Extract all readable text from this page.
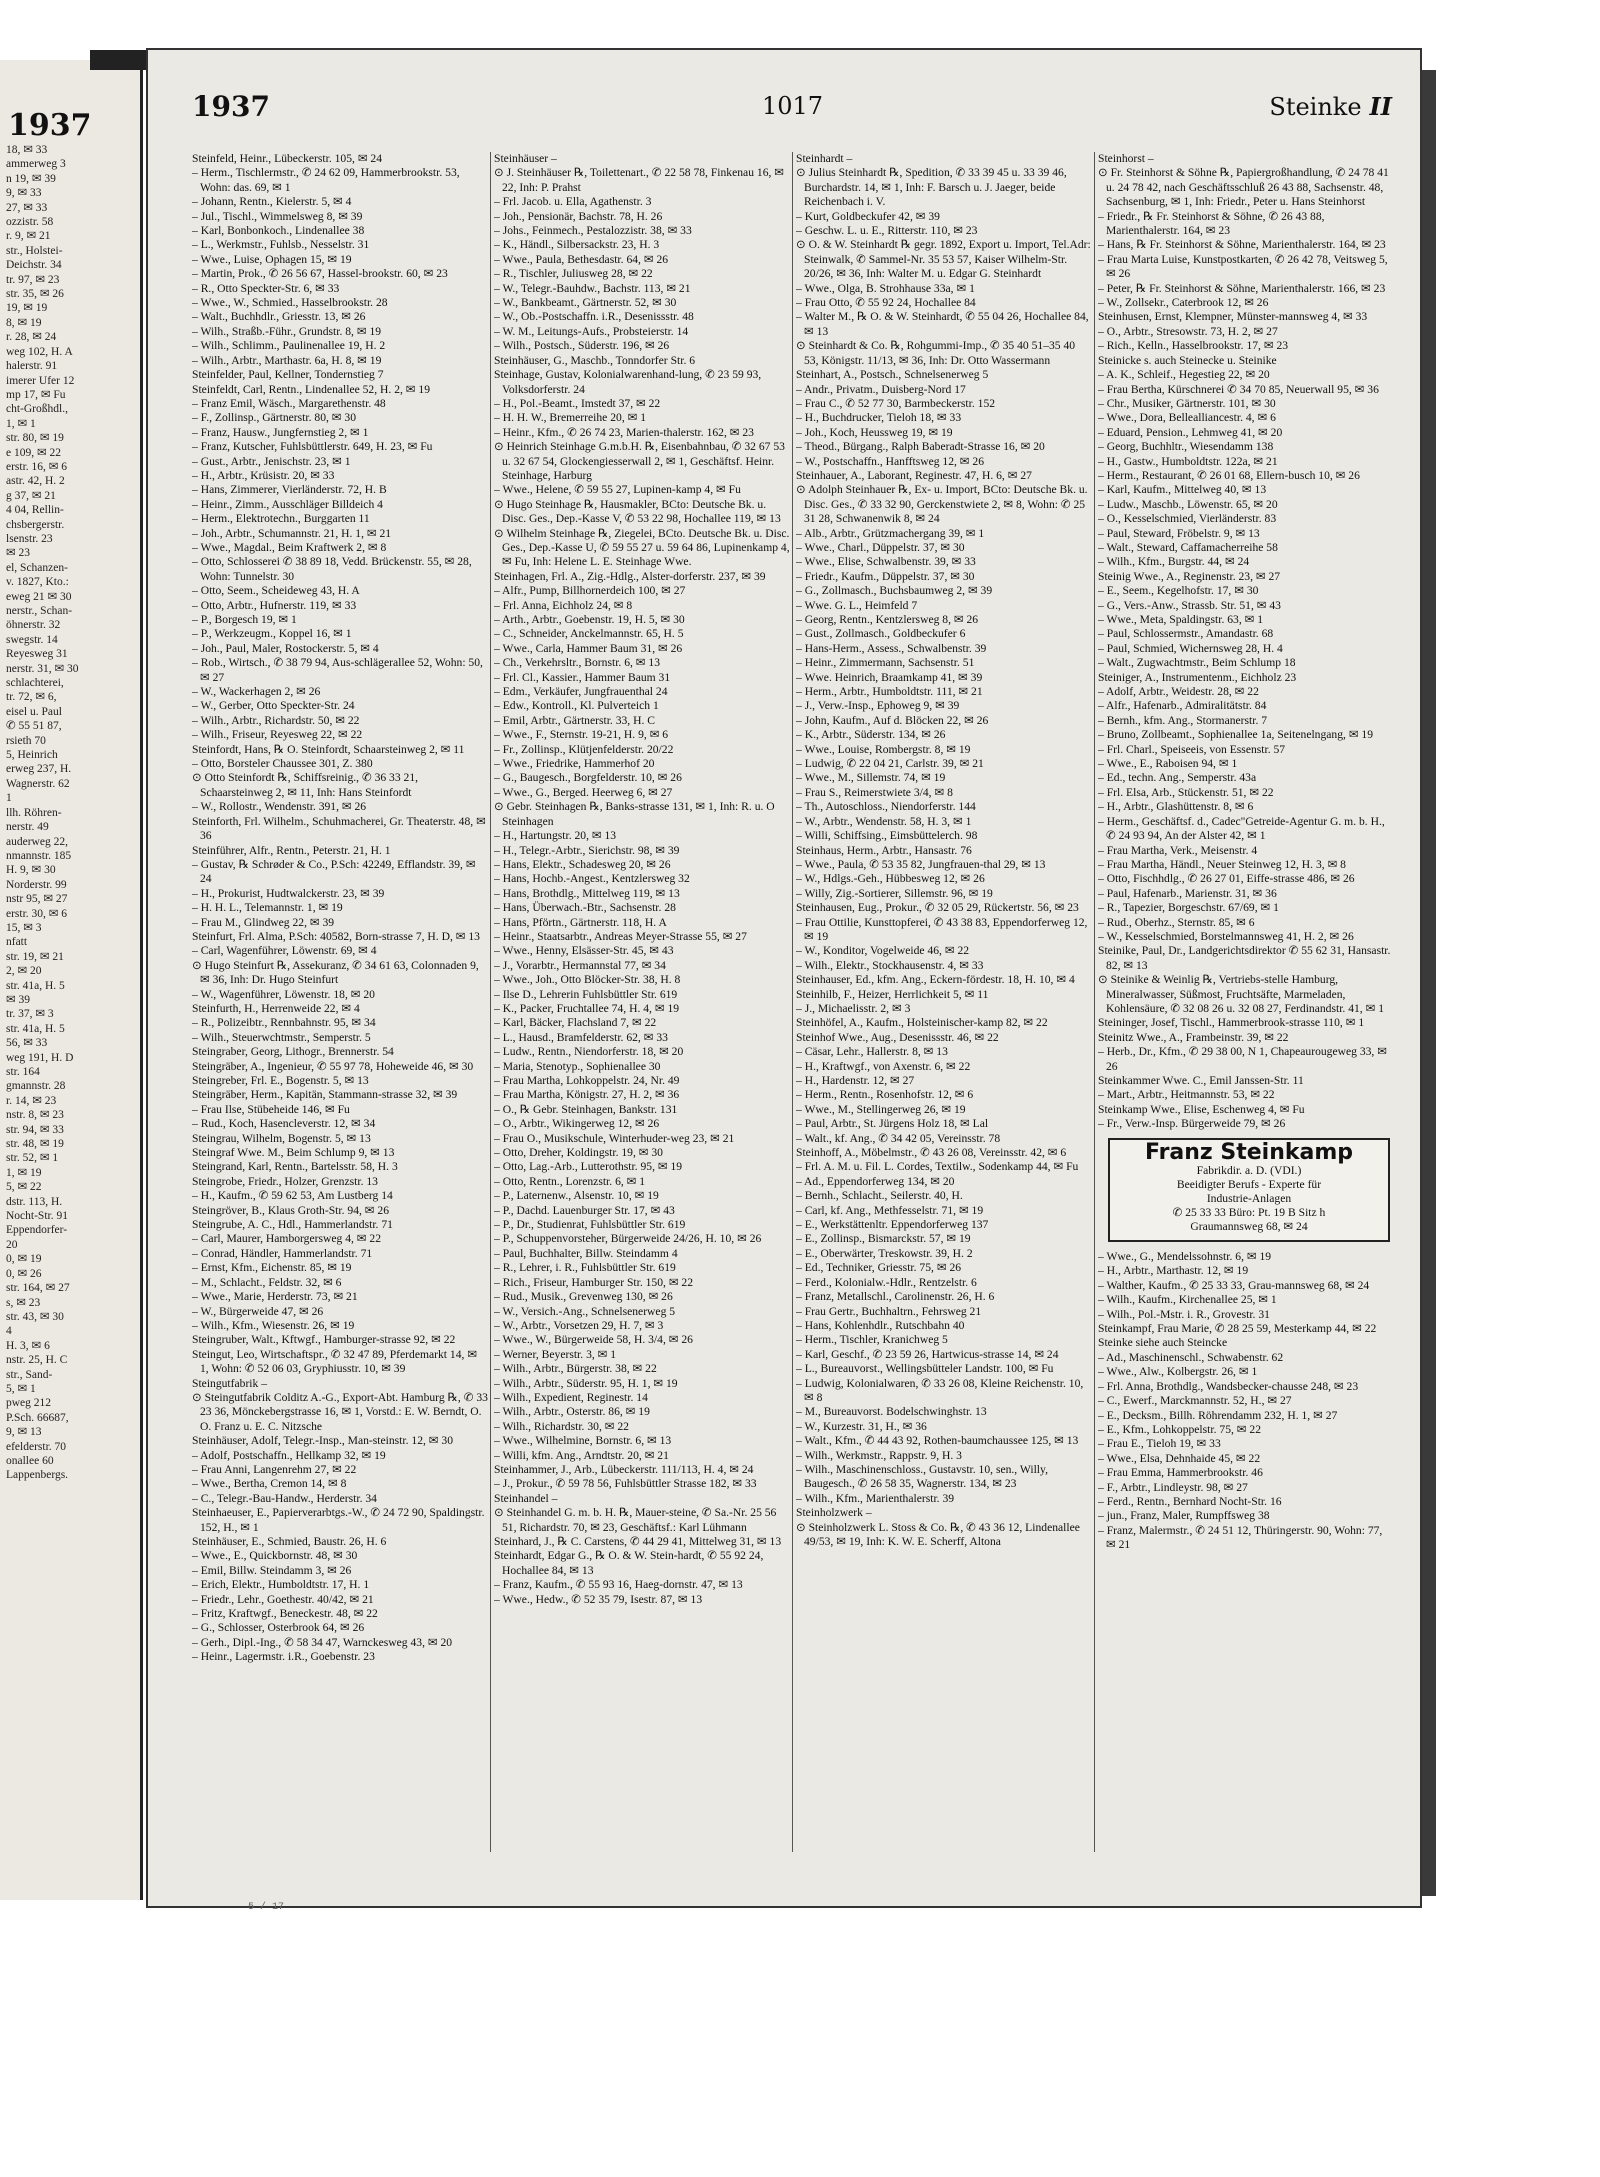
1937
18, ✉ 33
ammerweg 3
n 19, ✉ 39
9, ✉ 33
27, ✉ 33
ozzistr. 58
r. 9, ✉ 21
str., Holstei-
Deichstr. 34
tr. 97, ✉ 23
str. 35, ✉ 26
19, ✉ 19
8, ✉ 19
r. 28, ✉ 24
weg 102, H. A
halerstr. 91
imerer Ufer 12
mp 17, ✉ Fu
cht-Großhdl.,
1, ✉ 1
str. 80, ✉ 19
e 109, ✉ 22
erstr. 16, ✉ 6
astr. 42, H. 2
g 37, ✉ 21
4 04, Rellin-
chsbergerstr.
lsenstr. 23
✉ 23
el, Schanzen-
v. 1827, Kto.:
eweg 21 ✉ 30
nerstr., Schan-
öhnerstr. 32
swegstr. 14
Reyesweg 31
nerstr. 31, ✉ 30
schlachterei,
tr. 72, ✉ 6,
eisel u. Paul
✆ 55 51 87,
rsieth 70
5, Heinrich
erweg 237, H.
Wagnerstr. 62
1
llh. Röhren-
nerstr. 49
auderweg 22,
nmannstr. 185
H. 9, ✉ 30
Norderstr. 99
nstr 95, ✉ 27
erstr. 30, ✉ 6
15, ✉ 3
nfatt
str. 19, ✉ 21
2, ✉ 20
str. 41a, H. 5
✉ 39
tr. 37, ✉ 3
str. 41a, H. 5
56, ✉ 33
weg 191, H. D
str. 164
gmannstr. 28
r. 14, ✉ 23
nstr. 8, ✉ 23
str. 94, ✉ 33
str. 48, ✉ 19
str. 52, ✉ 1
1, ✉ 19
5, ✉ 22
dstr. 113, H.
Nocht-Str. 91
Eppendorfer-
20
0, ✉ 19
0, ✉ 26
str. 164, ✉ 27
s, ✉ 23
str. 43, ✉ 30
4
H. 3, ✉ 6
nstr. 25, H. C
str., Sand-
5, ✉ 1
pweg 212
P.Sch. 66687,
9, ✉ 13
efelderstr. 70
onallee 60
Lappenbergs.
1937	1017	Steinke II
Steinfeld, Heinr., Lübeckerstr. 105, ✉ 24
– Herm., Tischlermstr., ✆ 24 62 09, Hammerbrookstr. 53, Wohn: das. 69, ✉ 1
– Johann, Rentn., Kielerstr. 5, ✉ 4
– Jul., Tischl., Wimmelsweg 8, ✉ 39
– Karl, Bonbonkoch., Lindenallee 38
– L., Werkmstr., Fuhlsb., Nesselstr. 31
– Wwe., Luise, Ophagen 15, ✉ 19
– Martin, Prok., ✆ 26 56 67, Hassel-brookstr. 60, ✉ 23
– R., Otto Speckter-Str. 6, ✉ 33
– Wwe., W., Schmied., Hasselbrookstr. 28
– Walt., Buchhdlr., Griesstr. 13, ✉ 26
– Wilh., Straßb.-Führ., Grundstr. 8, ✉ 19
– Wilh., Schlimm., Paulinenallee 19, H. 2
– Wilh., Arbtr., Marthastr. 6a, H. 8, ✉ 19
Steinfelder, Paul, Kellner, Tondernstieg 7
Steinfeldt, Carl, Rentn., Lindenallee 52, H. 2, ✉ 19
– Franz Emil, Wäsch., Margarethenstr. 48
– F., Zollinsp., Gärtnerstr. 80, ✉ 30
– Franz, Hausw., Jungfernstieg 2, ✉ 1
– Franz, Kutscher, Fuhlsbüttlerstr. 649, H. 23, ✉ Fu
– Gust., Arbtr., Jenischstr. 23, ✉ 1
– H., Arbtr., Krüsistr. 20, ✉ 33
– Hans, Zimmerer, Vierländerstr. 72, H. B
– Heinr., Zimm., Ausschläger Billdeich 4
– Herm., Elektrotechn., Burggarten 11
– Joh., Arbtr., Schumannstr. 21, H. 1, ✉ 21
– Wwe., Magdal., Beim Kraftwerk 2, ✉ 8
– Otto, Schlosserei ✆ 38 89 18, Vedd. Brückenstr. 55, ✉ 28, Wohn: Tunnelstr. 30
– Otto, Seem., Scheideweg 43, H. A
– Otto, Arbtr., Hufnerstr. 119, ✉ 33
– P., Borgesch 19, ✉ 1
– P., Werkzeugm., Koppel 16, ✉ 1
– Joh., Paul, Maler, Rostockerstr. 5, ✉ 4
– Rob., Wirtsch., ✆ 38 79 94, Aus-schlägerallee 52, Wohn: 50, ✉ 27
– W., Wackerhagen 2, ✉ 26
– W., Gerber, Otto Speckter-Str. 24
– Wilh., Arbtr., Richardstr. 50, ✉ 22
– Wilh., Friseur, Reyesweg 22, ✉ 22
Steinfordt, Hans, ℞ O. Steinfordt, Schaarsteinweg 2, ✉ 11
– Otto, Borsteler Chaussee 301, Z. 380
⊙ Otto Steinfordt ℞, Schiffsreinig., ✆ 36 33 21, Schaarsteinweg 2, ✉ 11, Inh: Hans Steinfordt
– W., Rollostr., Wendenstr. 391, ✉ 26
Steinforth, Frl. Wilhelm., Schuhmacherei, Gr. Theaterstr. 48, ✉ 36
Steinführer, Alfr., Rentn., Peterstr. 21, H. 1
– Gustav, ℞ Schrøder & Co., P.Sch: 42249, Efflandstr. 39, ✉ 24
– H., Prokurist, Hudtwalckerstr. 23, ✉ 39
– H. H. L., Telemannstr. 1, ✉ 19
– Frau M., Glindweg 22, ✉ 39
Steinfurt, Frl. Alma, P.Sch: 40582, Born-strasse 7, H. D, ✉ 13
– Carl, Wagenführer, Löwenstr. 69, ✉ 4
⊙ Hugo Steinfurt ℞, Assekuranz, ✆ 34 61 63, Colonnaden 9, ✉ 36, Inh: Dr. Hugo Steinfurt
– W., Wagenführer, Löwenstr. 18, ✉ 20
Steinfurth, H., Herrenweide 22, ✉ 4
– R., Polizeibtr., Rennbahnstr. 95, ✉ 34
– Wilh., Steuerwchtmstr., Semperstr. 5
Steingraber, Georg, Lithogr., Brennerstr. 54
Steingräber, A., Ingenieur, ✆ 55 97 78, Hoheweide 46, ✉ 30
Steingreber, Frl. E., Bogenstr. 5, ✉ 13
Steingräber, Herm., Kapitän, Stammann-strasse 32, ✉ 39
– Frau Ilse, Stübeheide 146, ✉ Fu
– Rud., Koch, Hasencleverstr. 12, ✉ 34
Steingrau, Wilhelm, Bogenstr. 5, ✉ 13
Steingraf Wwe. M., Beim Schlump 9, ✉ 13
Steingrand, Karl, Rentn., Bartelsstr. 58, H. 3
Steingrobe, Friedr., Holzer, Grenzstr. 13
– H., Kaufm., ✆ 59 62 53, Am Lustberg 14
Steingröver, B., Klaus Groth-Str. 94, ✉ 26
Steingrube, A. C., Hdl., Hammerlandstr. 71
– Carl, Maurer, Hamborgersweg 4, ✉ 22
– Conrad, Händler, Hammerlandstr. 71
– Ernst, Kfm., Eichenstr. 85, ✉ 19
– M., Schlacht., Feldstr. 32, ✉ 6
– Wwe., Marie, Herderstr. 73, ✉ 21
– W., Bürgerweide 47, ✉ 26
– Wilh., Kfm., Wiesenstr. 26, ✉ 19
Steingruber, Walt., Kftwgf., Hamburger-strasse 92, ✉ 22
Steingut, Leo, Wirtschaftspr., ✆ 32 47 89, Pferdemarkt 14, ✉ 1, Wohn: ✆ 52 06 03, Gryphiusstr. 10, ✉ 39
Steingutfabrik –
⊙ Steingutfabrik Colditz A.-G., Export-Abt. Hamburg ℞, ✆ 33 23 36, Mönckebergstrasse 16, ✉ 1, Vorstd.: E. W. Berndt, O. O. Franz u. E. C. Nitzsche
Steinhäuser, Adolf, Telegr.-Insp., Man-steinstr. 12, ✉ 30
– Adolf, Postschaffn., Hellkamp 32, ✉ 19
– Frau Anni, Langenrehm 27, ✉ 22
– Wwe., Bertha, Cremon 14, ✉ 8
– C., Telegr.-Bau-Handw., Herderstr. 34
Steinhaeuser, E., Papierverarbtgs.-W., ✆ 24 72 90, Spaldingstr. 152, H., ✉ 1
Steinhäuser, E., Schmied, Baustr. 26, H. 6
– Wwe., E., Quickbornstr. 48, ✉ 30
– Emil, Billw. Steindamm 3, ✉ 26
– Erich, Elektr., Humboldtstr. 17, H. 1
– Friedr., Lehr., Goethestr. 40/42, ✉ 21
– Fritz, Kraftwgf., Beneckestr. 48, ✉ 22
– G., Schlosser, Osterbrook 64, ✉ 26
– Gerh., Dipl.-Ing., ✆ 58 34 47, Warnckesweg 43, ✉ 20
– Heinr., Lagermstr. i.R., Goebenstr. 23
Steinhäuser –
⊙ J. Steinhäuser ℞, Toilettenart., ✆ 22 58 78, Finkenau 16, ✉ 22, Inh: P. Prahst
– Frl. Jacob. u. Ella, Agathenstr. 3
– Joh., Pensionär, Bachstr. 78, H. 26
– Johs., Feinmech., Pestalozzistr. 38, ✉ 33
– K., Händl., Silbersackstr. 23, H. 3
– Wwe., Paula, Bethesdastr. 64, ✉ 26
– R., Tischler, Juliusweg 28, ✉ 22
– W., Telegr.-Bauhdw., Bachstr. 113, ✉ 21
– W., Bankbeamt., Gärtnerstr. 52, ✉ 30
– W., Ob.-Postschaffn. i.R., Desenissstr. 48
– W. M., Leitungs-Aufs., Probsteierstr. 14
– Wilh., Postsch., Süderstr. 196, ✉ 26
Steinhäuser, G., Maschb., Tonndorfer Str. 6
Steinhage, Gustav, Kolonialwarenhand-lung, ✆ 23 59 93, Volksdorferstr. 24
– H., Pol.-Beamt., Imstedt 37, ✉ 22
– H. H. W., Bremerreihe 20, ✉ 1
– Heinr., Kfm., ✆ 26 74 23, Marien-thalerstr. 162, ✉ 23
⊙ Heinrich Steinhage G.m.b.H. ℞, Eisenbahnbau, ✆ 32 67 53 u. 32 67 54, Glockengiesserwall 2, ✉ 1, Geschäftsf. Heinr. Steinhage, Harburg
– Wwe., Helene, ✆ 59 55 27, Lupinen-kamp 4, ✉ Fu
⊙ Hugo Steinhage ℞, Hausmakler, BCto: Deutsche Bk. u. Disc. Ges., Dep.-Kasse V, ✆ 53 22 98, Hochallee 119, ✉ 13
⊙ Wilhelm Steinhage ℞, Ziegelei, BCto. Deutsche Bk. u. Disc. Ges., Dep.-Kasse U, ✆ 59 55 27 u. 59 64 86, Lupinenkamp 4, ✉ Fu, Inh: Helene L. E. Steinhage Wwe.
Steinhagen, Frl. A., Zig.-Hdlg., Alster-dorferstr. 237, ✉ 39
– Alfr., Pump, Billhornerdeich 100, ✉ 27
– Frl. Anna, Eichholz 24, ✉ 8
– Arth., Arbtr., Goebenstr. 19, H. 5, ✉ 30
– C., Schneider, Anckelmannstr. 65, H. 5
– Wwe., Carla, Hammer Baum 31, ✉ 26
– Ch., Verkehrsltr., Bornstr. 6, ✉ 13
– Frl. Cl., Kassier., Hammer Baum 31
– Edm., Verkäufer, Jungfrauenthal 24
– Edw., Kontroll., Kl. Pulverteich 1
– Emil, Arbtr., Gärtnerstr. 33, H. C
– Wwe., F., Sternstr. 19-21, H. 9, ✉ 6
– Fr., Zollinsp., Klütjenfelderstr. 20/22
– Wwe., Friedrike, Hammerhof 20
– G., Baugesch., Borgfelderstr. 10, ✉ 26
– Wwe., G., Berged. Heerweg 6, ✉ 27
⊙ Gebr. Steinhagen ℞, Banks-strasse 131, ✉ 1, Inh: R. u. O Steinhagen
– H., Hartungstr. 20, ✉ 13
– H., Telegr.-Arbtr., Sierichstr. 98, ✉ 39
– Hans, Elektr., Schadesweg 20, ✉ 26
– Hans, Hochb.-Angest., Kentzlersweg 32
– Hans, Brothdlg., Mittelweg 119, ✉ 13
– Hans, Überwach.-Btr., Sachsenstr. 28
– Hans, Pförtn., Gärtnerstr. 118, H. A
– Heinr., Staatsarbtr., Andreas Meyer-Strasse 55, ✉ 27
– Wwe., Henny, Elsässer-Str. 45, ✉ 43
– J., Vorarbtr., Hermannstal 77, ✉ 34
– Wwe., Joh., Otto Blöcker-Str. 38, H. 8
– Ilse D., Lehrerin Fuhlsbüttler Str. 619
– K., Packer, Fruchtallee 74, H. 4, ✉ 19
– Karl, Bäcker, Flachsland 7, ✉ 22
– L., Hausd., Bramfelderstr. 62, ✉ 33
– Ludw., Rentn., Niendorferstr. 18, ✉ 20
– Maria, Stenotyp., Sophienallee 30
– Frau Martha, Lohkoppelstr. 24, Nr. 49
– Frau Martha, Königstr. 27, H. 2, ✉ 36
– O., ℞ Gebr. Steinhagen, Bankstr. 131
– O., Arbtr., Wikingerweg 12, ✉ 26
– Frau O., Musikschule, Winterhuder-weg 23, ✉ 21
– Otto, Dreher, Koldingstr. 19, ✉ 30
– Otto, Lag.-Arb., Lutterothstr. 95, ✉ 19
– Otto, Rentn., Lorenzstr. 6, ✉ 1
– P., Laternenw., Alsenstr. 10, ✉ 19
– P., Dachd. Lauenburger Str. 17, ✉ 43
– P., Dr., Studienrat, Fuhlsbüttler Str. 619
– P., Schuppenvorsteher, Bürgerweide 24/26, H. 10, ✉ 26
– Paul, Buchhalter, Billw. Steindamm 4
– R., Lehrer, i. R., Fuhlsbüttler Str. 619
– Rich., Friseur, Hamburger Str. 150, ✉ 22
– Rud., Musik., Grevenweg 130, ✉ 26
– W., Versich.-Ang., Schnelsenerweg 5
– W., Arbtr., Vorsetzen 29, H. 7, ✉ 3
– Wwe., W., Bürgerweide 58, H. 3/4, ✉ 26
– Werner, Beyerstr. 3, ✉ 1
– Wilh., Arbtr., Bürgerstr. 38, ✉ 22
– Wilh., Arbtr., Süderstr. 95, H. 1, ✉ 19
– Wilh., Expedient, Reginestr. 14
– Wilh., Arbtr., Osterstr. 86, ✉ 19
– Wilh., Richardstr. 30, ✉ 22
– Wwe., Wilhelmine, Bornstr. 6, ✉ 13
– Willi, kfm. Ang., Arndtstr. 20, ✉ 21
Steinhammer, J., Arb., Lübeckerstr. 111/113, H. 4, ✉ 24
– J., Prokur., ✆ 59 78 56, Fuhlsbüttler Strasse 182, ✉ 33
Steinhandel –
⊙ Steinhandel G. m. b. H. ℞, Mauer-steine, ✆ Sa.-Nr. 25 56 51, Richardstr. 70, ✉ 23, Geschäftsf.: Karl Lühmann
Steinhard, J., ℞ C. Carstens, ✆ 44 29 41, Mittelweg 31, ✉ 13
Steinhardt, Edgar G., ℞ O. & W. Stein-hardt, ✆ 55 92 24, Hochallee 84, ✉ 13
– Franz, Kaufm., ✆ 55 93 16, Haeg-dornstr. 47, ✉ 13
– Wwe., Hedw., ✆ 52 35 79, Isestr. 87, ✉ 13
Steinhardt –
⊙ Julius Steinhardt ℞, Spedition, ✆ 33 39 45 u. 33 39 46, Burchardstr. 14, ✉ 1, Inh: F. Barsch u. J. Jaeger, beide Reichenbach i. V.
– Kurt, Goldbeckufer 42, ✉ 39
– Geschw. L. u. E., Ritterstr. 110, ✉ 23
⊙ O. & W. Steinhardt ℞ gegr. 1892, Export u. Import, Tel.Adr: Steinwalk, ✆ Sammel-Nr. 35 53 57, Kaiser Wilhelm-Str. 20/26, ✉ 36, Inh: Walter M. u. Edgar G. Steinhardt
– Wwe., Olga, B. Strohhause 33a, ✉ 1
– Frau Otto, ✆ 55 92 24, Hochallee 84
– Walter M., ℞ O. & W. Steinhardt, ✆ 55 04 26, Hochallee 84, ✉ 13
⊙ Steinhardt & Co. ℞, Rohgummi-Imp., ✆ 35 40 51–35 40 53, Königstr. 11/13, ✉ 36, Inh: Dr. Otto Wassermann
Steinhart, A., Postsch., Schnelsenerweg 5
– Andr., Privatm., Duisberg-Nord 17
– Frau C., ✆ 52 77 30, Barmbeckerstr. 152
– H., Buchdrucker, Tieloh 18, ✉ 33
– Joh., Koch, Heussweg 19, ✉ 19
– Theod., Bürgang., Ralph Baberadt-Strasse 16, ✉ 20
– W., Postschaffn., Hanfftsweg 12, ✉ 26
Steinhauer, A., Laborant, Reginestr. 47, H. 6, ✉ 27
⊙ Adolph Steinhauer ℞, Ex- u. Import, BCto: Deutsche Bk. u. Disc. Ges., ✆ 33 32 90, Gerckenstwiete 2, ✉ 8, Wohn: ✆ 25 31 28, Schwanenwik 8, ✉ 24
– Alb., Arbtr., Grützmachergang 39, ✉ 1
– Wwe., Charl., Düppelstr. 37, ✉ 30
– Wwe., Elise, Schwalbenstr. 39, ✉ 33
– Friedr., Kaufm., Düppelstr. 37, ✉ 30
– G., Zollmasch., Buchsbaumweg 2, ✉ 39
– Wwe. G. L., Heimfeld 7
– Georg, Rentn., Kentzlersweg 8, ✉ 26
– Gust., Zollmasch., Goldbeckufer 6
– Hans-Herm., Assess., Schwalbenstr. 39
– Heinr., Zimmermann, Sachsenstr. 51
– Wwe. Heinrich, Braamkamp 41, ✉ 39
– Herm., Arbtr., Humboldtstr. 111, ✉ 21
– J., Verw.-Insp., Ephoweg 9, ✉ 39
– John, Kaufm., Auf d. Blöcken 22, ✉ 26
– K., Arbtr., Süderstr. 134, ✉ 26
– Wwe., Louise, Rombergstr. 8, ✉ 19
– Ludwig, ✆ 22 04 21, Carlstr. 39, ✉ 21
– Wwe., M., Sillemstr. 74, ✉ 19
– Frau S., Reimerstwiete 3/4, ✉ 8
– Th., Autoschloss., Niendorferstr. 144
– W., Arbtr., Wendenstr. 58, H. 3, ✉ 1
– Willi, Schiffsing., Eimsbüttelerch. 98
Steinhaus, Herm., Arbtr., Hansastr. 76
– Wwe., Paula, ✆ 53 35 82, Jungfrauen-thal 29, ✉ 13
– W., Hdlgs.-Geh., Hübbesweg 12, ✉ 26
– Willy, Zig.-Sortierer, Sillemstr. 96, ✉ 19
Steinhausen, Eug., Prokur., ✆ 32 05 29, Rückertstr. 56, ✉ 23
– Frau Ottilie, Kunsttopferei, ✆ 43 38 83, Eppendorferweg 12, ✉ 19
– W., Konditor, Vogelweide 46, ✉ 22
– Wilh., Elektr., Stockhausenstr. 4, ✉ 33
Steinhauser, Ed., kfm. Ang., Eckern-fördestr. 18, H. 10, ✉ 4
Steinhilb, F., Heizer, Herrlichkeit 5, ✉ 11
– J., Michaelisstr. 2, ✉ 3
Steinhöfel, A., Kaufm., Holsteinischer-kamp 82, ✉ 22
Steinhof Wwe., Aug., Desenissstr. 46, ✉ 22
– Cäsar, Lehr., Hallerstr. 8, ✉ 13
– H., Kraftwgf., von Axenstr. 6, ✉ 22
– H., Hardenstr. 12, ✉ 27
– Herm., Rentn., Rosenhofstr. 12, ✉ 6
– Wwe., M., Stellingerweg 26, ✉ 19
– Paul, Arbtr., St. Jürgens Holz 18, ✉ Lal
– Walt., kf. Ang., ✆ 34 42 05, Vereinsstr. 78
Steinhoff, A., Möbelmstr., ✆ 43 26 08, Vereinsstr. 42, ✉ 6
– Frl. A. M. u. Fil. L. Cordes, Textilw., Sodenkamp 44, ✉ Fu
– Ad., Eppendorferweg 134, ✉ 20
– Bernh., Schlacht., Seilerstr. 40, H.
– Carl, kf. Ang., Methfesselstr. 71, ✉ 19
– E., Werkstättenltr. Eppendorferweg 137
– E., Zollinsp., Bismarckstr. 57, ✉ 19
– E., Oberwärter, Treskowstr. 39, H. 2
– Ed., Techniker, Griesstr. 75, ✉ 26
– Ferd., Kolonialw.-Hdlr., Rentzelstr. 6
– Franz, Metallschl., Carolinenstr. 26, H. 6
– Frau Gertr., Buchhaltrn., Fehrsweg 21
– Hans, Kohlenhdlr., Rutschbahn 40
– Herm., Tischler, Kranichweg 5
– Karl, Geschf., ✆ 23 59 26, Hartwicus-strasse 14, ✉ 24
– L., Bureauvorst., Wellingsbütteler Landstr. 100, ✉ Fu
– Ludwig, Kolonialwaren, ✆ 33 26 08, Kleine Reichenstr. 10, ✉ 8
– M., Bureauvorst. Bodelschwinghstr. 13
– W., Kurzestr. 31, H., ✉ 36
– Walt., Kfm., ✆ 44 43 92, Rothen-baumchaussee 125, ✉ 13
– Wilh., Werkmstr., Rappstr. 9, H. 3
– Wilh., Maschinenschloss., Gustavstr. 10, sen., Willy, Baugesch., ✆ 26 58 35, Wagnerstr. 134, ✉ 23
– Wilh., Kfm., Marienthalerstr. 39
Steinholzwerk –
⊙ Steinholzwerk L. Stoss & Co. ℞, ✆ 43 36 12, Lindenallee 49/53, ✉ 19, Inh: K. W. E. Scherff, Altona
Steinhorst –
⊙ Fr. Steinhorst & Söhne ℞, Papiergroßhandlung, ✆ 24 78 41 u. 24 78 42, nach Geschäftsschluß 26 43 88, Sachsenstr. 48, Sachsenburg, ✉ 1, Inh: Friedr., Peter u. Hans Steinhorst
– Friedr., ℞ Fr. Steinhorst & Söhne, ✆ 26 43 88, Marienthalerstr. 164, ✉ 23
– Hans, ℞ Fr. Steinhorst & Söhne, Marienthalerstr. 164, ✉ 23
– Frau Marta Luise, Kunstpostkarten, ✆ 26 42 78, Veitsweg 5, ✉ 26
– Peter, ℞ Fr. Steinhorst & Söhne, Marienthalerstr. 166, ✉ 23
– W., Zollsekr., Caterbrook 12, ✉ 26
Steinhusen, Ernst, Klempner, Münster-mannsweg 4, ✉ 33
– O., Arbtr., Stresowstr. 73, H. 2, ✉ 27
– Rich., Kelln., Hasselbrookstr. 17, ✉ 23
Steinicke s. auch Steinecke u. Steinike
– A. K., Schleif., Hegestieg 22, ✉ 20
– Frau Bertha, Kürschnerei ✆ 34 70 85, Neuerwall 95, ✉ 36
– Chr., Musiker, Gärtnerstr. 101, ✉ 30
– Wwe., Dora, Bellealliancestr. 4, ✉ 6
– Eduard, Pension., Lehmweg 41, ✉ 20
– Georg, Buchhltr., Wiesendamm 138
– H., Gastw., Humboldtstr. 122a, ✉ 21
– Herm., Restaurant, ✆ 26 01 68, Ellern-busch 10, ✉ 26
– Karl, Kaufm., Mittelweg 40, ✉ 13
– Ludw., Maschb., Löwenstr. 65, ✉ 20
– O., Kesselschmied, Vierländerstr. 83
– Paul, Steward, Fröbelstr. 9, ✉ 13
– Walt., Steward, Caffamacherreihe 58
– Wilh., Kfm., Burgstr. 44, ✉ 24
Steinig Wwe., A., Reginenstr. 23, ✉ 27
– E., Seem., Kegelhofstr. 17, ✉ 30
– G., Vers.-Anw., Strassb. Str. 51, ✉ 43
– Wwe., Meta, Spaldingstr. 63, ✉ 1
– Paul, Schlossermstr., Amandastr. 68
– Paul, Schmied, Wichernsweg 28, H. 4
– Walt., Zugwachtmstr., Beim Schlump 18
Steiniger, A., Instrumentenm., Eichholz 23
– Adolf, Arbtr., Weidestr. 28, ✉ 22
– Alfr., Hafenarb., Admiralitätstr. 84
– Bernh., kfm. Ang., Stormanerstr. 7
– Bruno, Zollbeamt., Sophienallee 1a, Seitenelngang, ✉ 19
– Frl. Charl., Speiseeis, von Essenstr. 57
– Wwe., E., Raboisen 94, ✉ 1
– Ed., techn. Ang., Semperstr. 43a
– Frl. Elsa, Arb., Stückenstr. 51, ✉ 22
– H., Arbtr., Glashüttenstr. 8, ✉ 6
– Herm., Geschäftsf. d., Cadec"Getreide-Agentur G. m. b. H., ✆ 24 93 94, An der Alster 42, ✉ 1
– Frau Martha, Verk., Meisenstr. 4
– Frau Martha, Händl., Neuer Steinweg 12, H. 3, ✉ 8
– Otto, Fischhdlg., ✆ 26 27 01, Eiffe-strasse 486, ✉ 26
– Paul, Hafenarb., Marienstr. 31, ✉ 36
– R., Tapezier, Borgeschstr. 67/69, ✉ 1
– Rud., Oberhz., Sternstr. 85, ✉ 6
– W., Kesselschmied, Borstelmannsweg 41, H. 2, ✉ 26
Steinike, Paul, Dr., Landgerichtsdirektor ✆ 55 62 31, Hansastr. 82, ✉ 13
⊙ Steinike & Weinlig ℞, Vertriebs-stelle Hamburg, Mineralwasser, Süßmost, Fruchtsäfte, Marmeladen, Kohlensäure, ✆ 32 08 26 u. 32 08 27, Ferdinandstr. 41, ✉ 1
Steininger, Josef, Tischl., Hammerbrook-strasse 110, ✉ 1
Steinitz Wwe., A., Frambeinstr. 39, ✉ 22
– Herb., Dr., Kfm., ✆ 29 38 00, N 1, Chapeaurougeweg 33, ✉ 26
Steinkammer Wwe. C., Emil Janssen-Str. 11
– Mart., Arbtr., Heitmannstr. 53, ✉ 22
Steinkamp Wwe., Elise, Eschenweg 4, ✉ Fu
– Fr., Verw.-Insp. Bürgerweide 79, ✉ 26
Franz Steinkamp
Fabrikdir. a. D. (VDI.)
Beeidigter Berufs - Experte für
Industrie-Anlagen
✆ 25 33 33 Büro: Pt. 19 B Sitz h
Graumannsweg 68, ✉ 24
– Wwe., G., Mendelssohnstr. 6, ✉ 19
– H., Arbtr., Marthastr. 12, ✉ 19
– Walther, Kaufm., ✆ 25 33 33, Grau-mannsweg 68, ✉ 24
– Wilh., Kaufm., Kirchenallee 25, ✉ 1
– Wilh., Pol.-Mstr. i. R., Grovestr. 31
Steinkampf, Frau Marie, ✆ 28 25 59, Mesterkamp 44, ✉ 22
Steinke siehe auch Steincke
– Ad., Maschinenschl., Schwabenstr. 62
– Wwe., Alw., Kolbergstr. 26, ✉ 1
– Frl. Anna, Brothdlg., Wandsbecker-chausse 248, ✉ 23
– C., Ewerf., Marckmannstr. 52, H., ✉ 27
– E., Decksm., Billh. Röhrendamm 232, H. 1, ✉ 27
– E., Kfm., Lohkoppelstr. 75, ✉ 22
– Frau E., Tieloh 19, ✉ 33
– Wwe., Elsa, Dehnhaide 45, ✉ 22
– Frau Emma, Hammerbrookstr. 46
– F., Arbtr., Lindleystr. 98, ✉ 27
– Ferd., Rentn., Bernhard Nocht-Str. 16
– jun., Franz, Maler, Rumpffsweg 38
– Franz, Malermstr., ✆ 24 51 12, Thüringerstr. 90, Wohn: 77, ✉ 21
5 / 17
